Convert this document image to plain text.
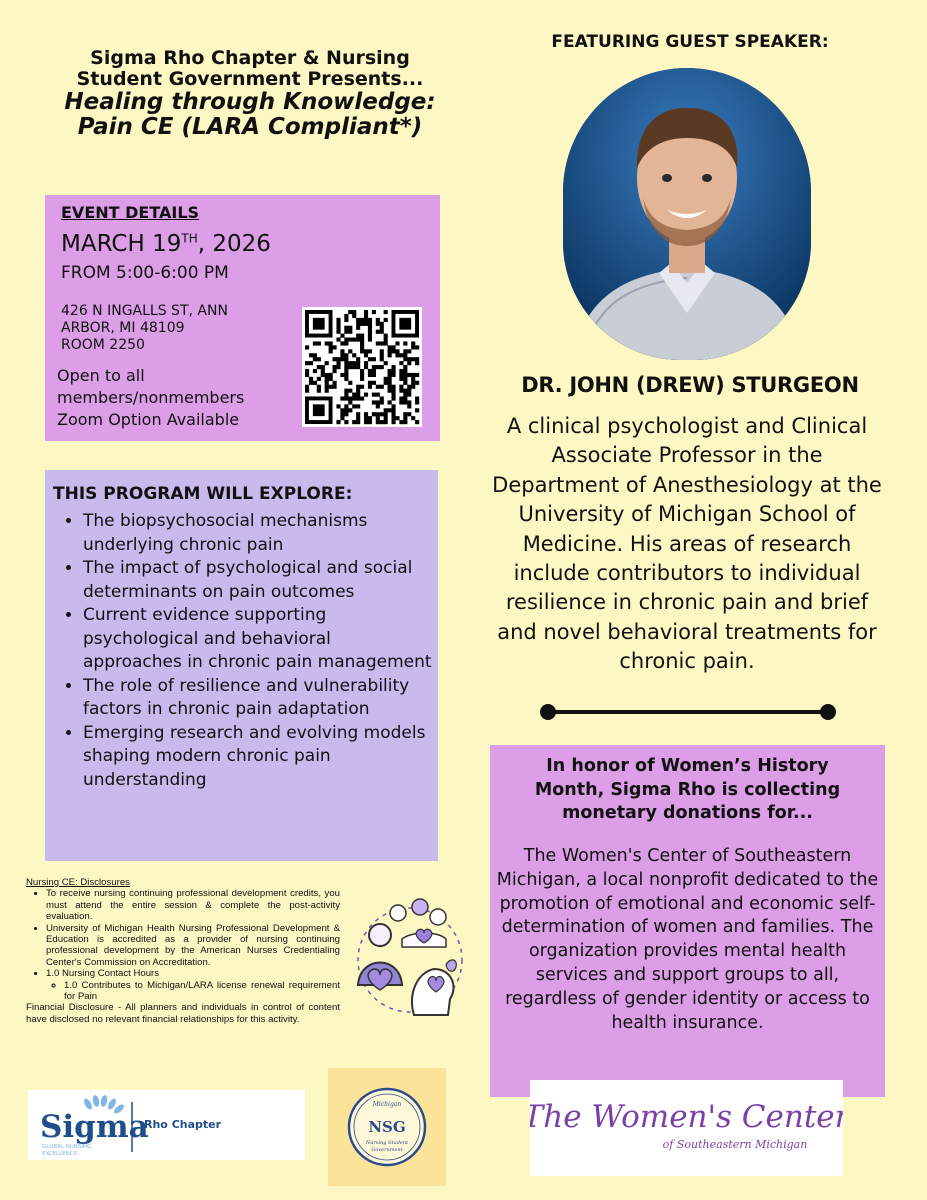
Sigma Rho Chapter & Nursing
Student Government Presents...
Healing through Knowledge:
Pain CE (LARA Compliant*)
FEATURING GUEST SPEAKER:
DR. JOHN (DREW) STURGEON
A clinical psychologist and Clinical Associate Professor in the Department of Anesthesiology at the University of Michigan School of Medicine. His areas of research include contributors to individual resilience in chronic pain and brief and novel behavioral treatments for chronic pain.
EVENT DETAILS
MARCH 19TH, 2026
FROM 5:00-6:00 PM
426 N INGALLS ST, ANN
ARBOR, MI 48109
ROOM 2250
Open to all
members/nonmembers
Zoom Option Available
THIS PROGRAM WILL EXPLORE:
• The biopsychosocial mechanisms underlying chronic pain
• The impact of psychological and social determinants on pain outcomes
• Current evidence supporting psychological and behavioral approaches in chronic pain management
• The role of resilience and vulnerability factors in chronic pain adaptation
• Emerging research and evolving models shaping modern chronic pain understanding
Nursing CE: Disclosures
• To receive nursing continuing professional development credits, you must attend the entire session & complete the post-activity evaluation.
• University of Michigan Health Nursing Professional Development & Education is accredited as a provider of nursing continuing professional development by the American Nurses Credentialing Center's Commission on Accreditation.
• 1.0 Nursing Contact Hours
◦ 1.0 Contributes to Michigan/LARA license renewal requirement for Pain
Financial Disclosure - All planners and individuals in control of content have disclosed no relevant financial relationships for this activity.
In honor of Women’s History Month, Sigma Rho is collecting monetary donations for...
The Women's Center of Southeastern Michigan, a local nonprofit dedicated to the promotion of emotional and economic self-determination of women and families. The organization provides mental health services and support groups to all, regardless of gender identity or access to health insurance.
Sigma
GLOBAL NURSING
EXCELLENCE
Rho Chapter
Michigan
NSG
Nursing Student
Government
The Women's Center
of Southeastern Michigan
